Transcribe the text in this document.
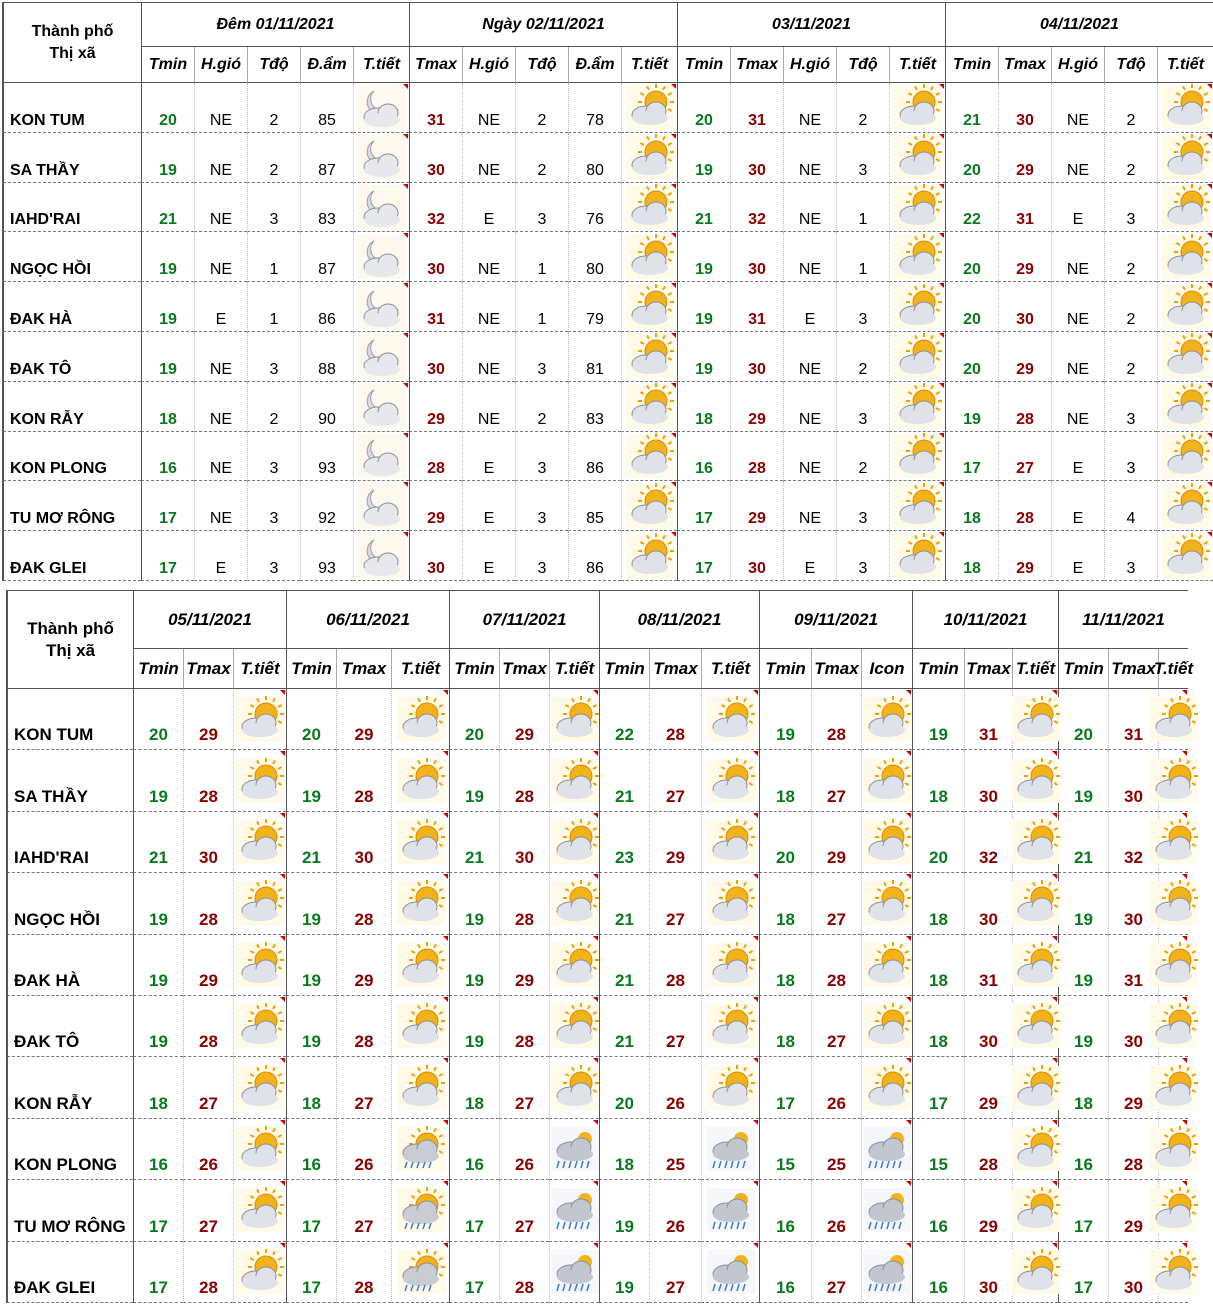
Thành phố
Thị xã
Đêm 01/11/2021
Tmin H.gió	Tđộ	Đ.ẩm	T.tiết
Ngày 02/11/2021
Tmax H.gió	Tđộ	Đ.ẩm	T.tiết
03/11/2021
Tmin Tmax H.gió	Tđộ	T.tiết
04/11/2021
Tmin Tmax H.gió	Tđộ	T.tiết
KON TUM	20	NE	2	85	31	NE	2	78	20	31	NE	2	21	30	NE	2
SA THẦY	19	NE	2	87	30	NE	2	80	19	30	NE	3	20	29	NE	2
IAHD'RAI	21	NE	3	83	32	E	3	76	21	32	NE	1	22	31	E	3
NGỌC HỒI	19	NE	1	87	30	NE	1	80	19	30	NE	1	20	29	NE	2
ĐAK HÀ	19	E	1	86	31	NE	1	79	19	31	E	3	20	30	NE	2
ĐAK TÔ	19	NE	3	88	30	NE	3	81	19	30	NE	2	20	29	NE	2
KON RẪY	18	NE	2	90	29	NE	2	83	18	29	NE	3	19	28	NE	3
KON PLONG	16	NE	3	93	28	E	3	86	16	28	NE	2	17	27	E	3
TU MƠ RÔNG	17	NE	3	92	29	E	3	85	17	29	NE	3	18	28	E	4
ĐAK GLEI	17	E	3	93	30	E	3	86	17	30	E	3	18	29	E	3
Thành phố
Thị xã
05/11/2021
Tmin Tmax T.tiết
06/11/2021
Tmin Tmax T.tiết
07/11/2021
Tmin Tmax T.tiết
08/11/2021
Tmin Tmax T.tiết
09/11/2021
Tmin Tmax Icon
10/11/2021
Tmin Tmax T.tiết
11/11/2021
Tmin Tmax
T.tiết
KON TUM	20	29	20	29	20	29	22	28	19	28	19	31	20	31
SA THẦY	19	28	19	28	19	28	21	27	18	27	18	30	19	30
IAHD'RAI	21	30	21	30	21	30	23	29	20	29	20	32	21	32
NGỌC HỒI	19	28	19	28	19	28	21	27	18	27	18	30	19	30
ĐAK HÀ	19	29	19	29	19	29	21	28	18	28	18	31	19	31
ĐAK TÔ	19	28	19	28	19	28	21	27	18	27	18	30	19	30
KON RẪY	18	27	18	27	18	27	20	26	17	26	17	29	18	29
KON PLONG	16	26	16	26	16	26	18	25	15	25	15	28	16	28
TU MƠ RÔNG	17	27	17	27	17	27	19	26	16	26	16	29	17	29
ĐAK GLEI	17	28	17	28	17	28	19	27	16	27	16	30	17	30
